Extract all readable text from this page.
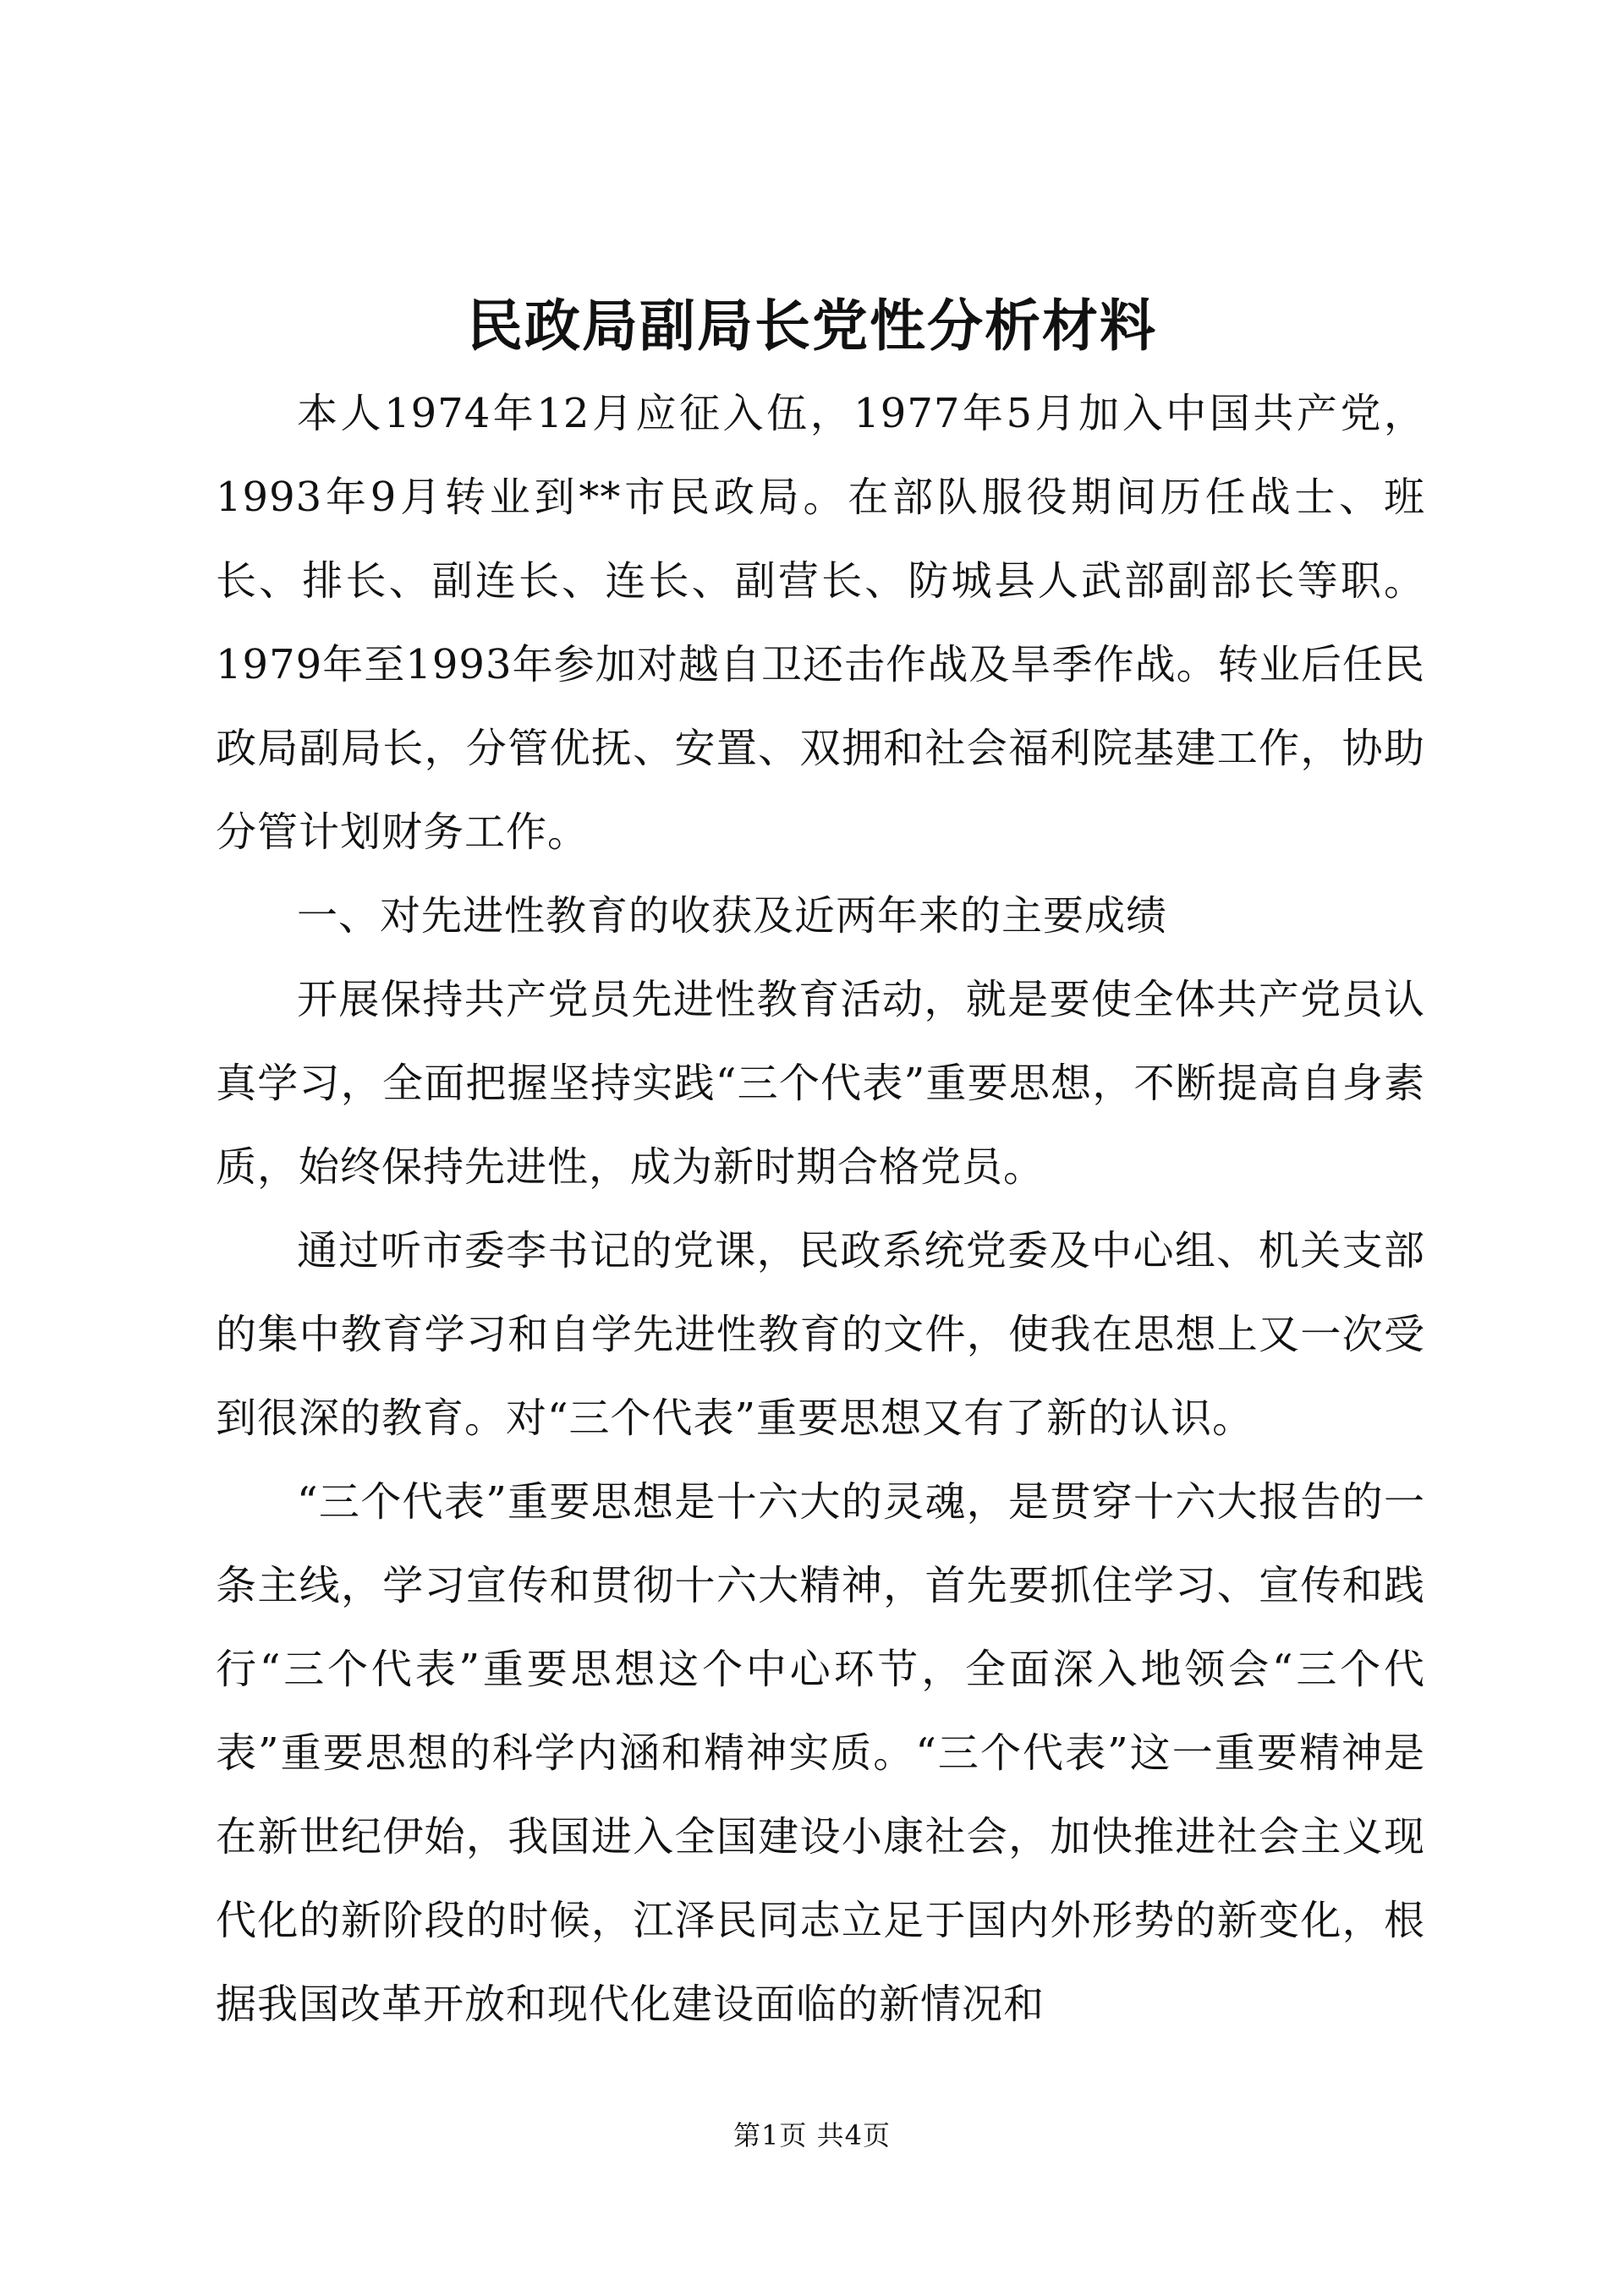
民政局副局长党性分析材料

本人1974年12月应征入伍，1977年5月加入中国共产党，1993年9月转业到**市民政局。在部队服役期间历任战士、班长、排长、副连长、连长、副营长、防城县人武部副部长等职。1979年至1993年参加对越自卫还击作战及旱季作战。转业后任民政局副局长，分管优抚、安置、双拥和社会福利院基建工作，协助分管计划财务工作。

一、对先进性教育的收获及近两年来的主要成绩

开展保持共产党员先进性教育活动，就是要使全体共产党员认真学习，全面把握坚持实践“三个代表”重要思想，不断提高自身素质，始终保持先进性，成为新时期合格党员。

通过听市委李书记的党课，民政系统党委及中心组、机关支部的集中教育学习和自学先进性教育的文件，使我在思想上又一次受到很深的教育。对“三个代表”重要思想又有了新的认识。

“三个代表”重要思想是十六大的灵魂，是贯穿十六大报告的一条主线，学习宣传和贯彻十六大精神，首先要抓住学习、宣传和践行“三个代表”重要思想这个中心环节，全面深入地领会“三个代表”重要思想的科学内涵和精神实质。“三个代表”这一重要精神是在新世纪伊始，我国进入全国建设小康社会，加快推进社会主义现代化的新阶段的时候，江泽民同志立足于国内外形势的新变化，根据我国改革开放和现代化建设面临的新情况和

第1页 共4页
